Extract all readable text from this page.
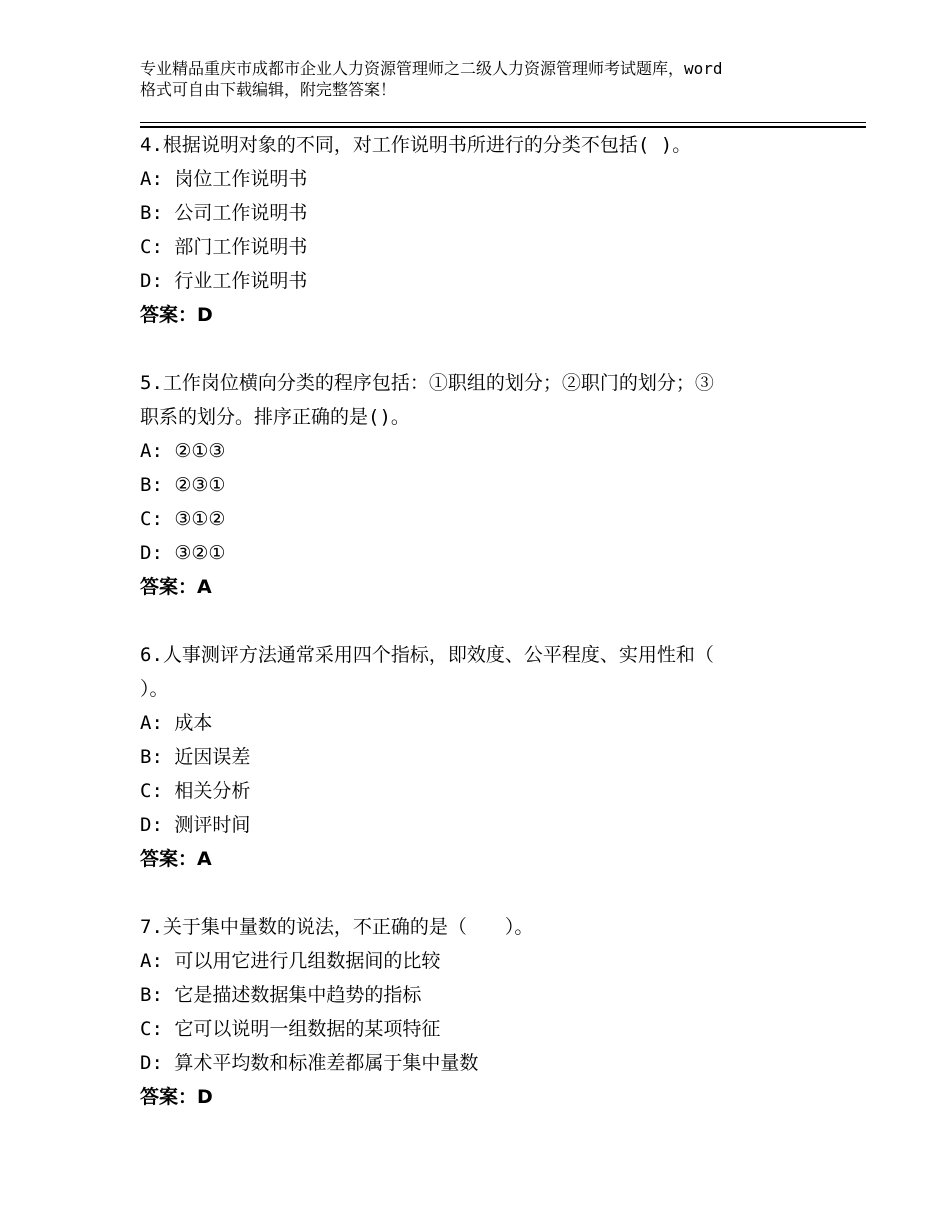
专业精品重庆市成都市企业人力资源管理师之二级人力资源管理师考试题库，word
格式可自由下载编辑，附完整答案！
4.根据说明对象的不同，对工作说明书所进行的分类不包括( )。
A: 岗位工作说明书
B: 公司工作说明书
C: 部门工作说明书
D: 行业工作说明书
答案：D
5.工作岗位横向分类的程序包括：①职组的划分；②职门的划分；③
职系的划分。排序正确的是()。
A: ②①③
B: ②③①
C: ③①②
D: ③②①
答案：A
6.人事测评方法通常采用四个指标，即效度、公平程度、实用性和（
）。
A: 成本
B: 近因误差
C: 相关分析
D: 测评时间
答案：A
7.关于集中量数的说法，不正确的是（　　）。
A: 可以用它进行几组数据间的比较
B: 它是描述数据集中趋势的指标
C: 它可以说明一组数据的某项特征
D: 算术平均数和标准差都属于集中量数
答案：D
